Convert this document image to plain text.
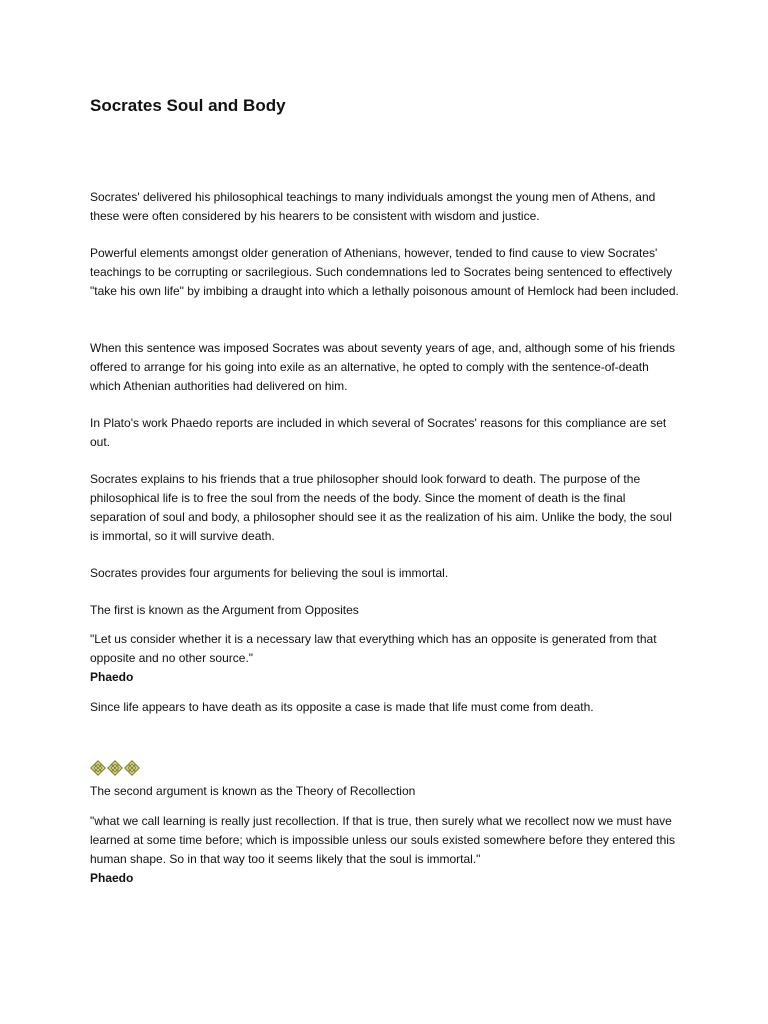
Socrates Soul and Body

Socrates' delivered his philosophical teachings to many individuals amongst the young men of Athens, and these were often considered by his hearers to be consistent with wisdom and justice.

Powerful elements amongst older generation of Athenians, however, tended to find cause to view Socrates' teachings to be corrupting or sacrilegious. Such condemnations led to Socrates being sentenced to effectively "take his own life" by imbibing a draught into which a lethally poisonous amount of Hemlock had been included.

When this sentence was imposed Socrates was about seventy years of age, and, although some of his friends offered to arrange for his going into exile as an alternative, he opted to comply with the sentence-of-death which Athenian authorities had delivered on him.

In Plato's work Phaedo reports are included in which several of Socrates' reasons for this compliance are set out.

Socrates explains to his friends that a true philosopher should look forward to death. The purpose of the philosophical life is to free the soul from the needs of the body. Since the moment of death is the final separation of soul and body, a philosopher should see it as the realization of his aim. Unlike the body, the soul is immortal, so it will survive death.

Socrates provides four arguments for believing the soul is immortal.

The first is known as the Argument from Opposites

"Let us consider whether it is a necessary law that everything which has an opposite is generated from that opposite and no other source."

Phaedo

Since life appears to have death as its opposite a case is made that life must come from death.

The second argument is known as the Theory of Recollection

"what we call learning is really just recollection. If that is true, then surely what we recollect now we must have learned at some time before; which is impossible unless our souls existed somewhere before they entered this human shape. So in that way too it seems likely that the soul is immortal."

Phaedo
